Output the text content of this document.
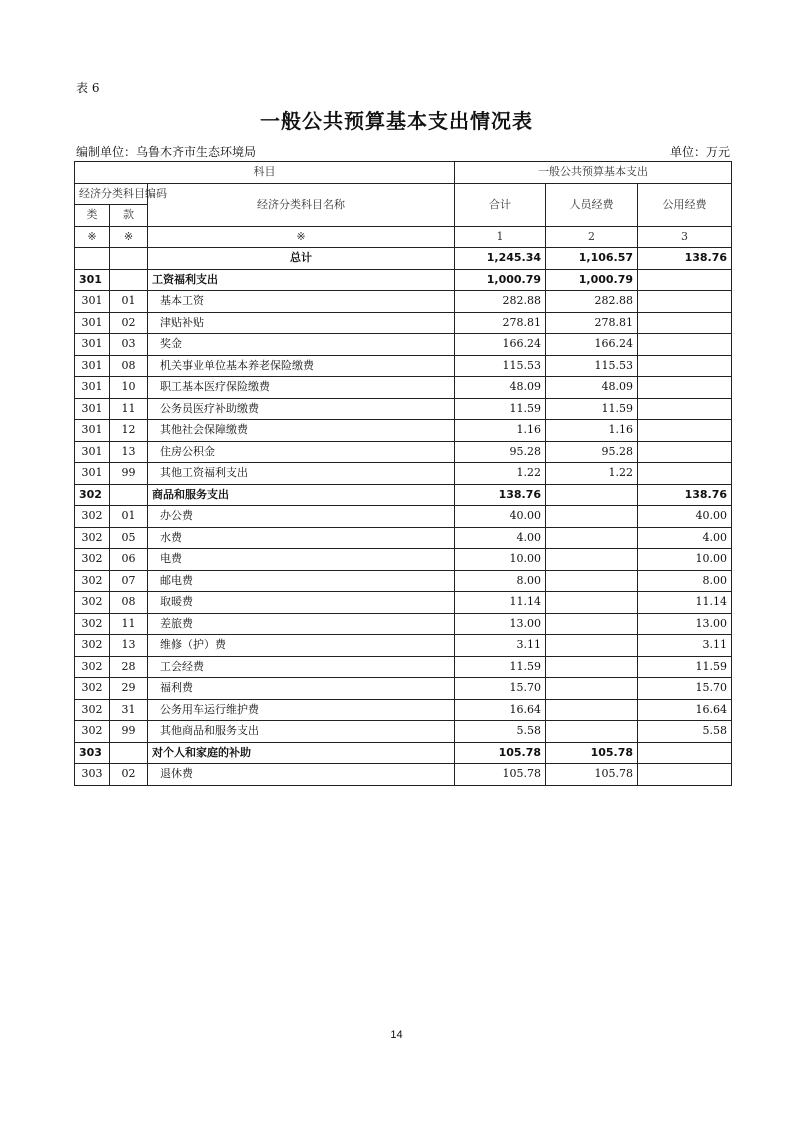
表 6
一般公共预算基本支出情况表
编制单位：乌鲁木齐市生态环境局	单位：万元
科目			一般公共预算基本支出		
经济分类科目编码		经济分类科目名称	合计	人员经费	公用经费
类	款				
※	※	※	1	2	3
		总计	1,245.34	1,106.57	138.76
301		工资福利支出	1,000.79	1,000.79	
301	01	基本工资	282.88	282.88	
301	02	津贴补贴	278.81	278.81	
301	03	奖金	166.24	166.24	
301	08	机关事业单位基本养老保险缴费	115.53	115.53	
301	10	职工基本医疗保险缴费	48.09	48.09	
301	11	公务员医疗补助缴费	11.59	11.59	
301	12	其他社会保障缴费	1.16	1.16	
301	13	住房公积金	95.28	95.28	
301	99	其他工资福利支出	1.22	1.22	
302		商品和服务支出	138.76		138.76
302	01	办公费	40.00		40.00
302	05	水费	4.00		4.00
302	06	电费	10.00		10.00
302	07	邮电费	8.00		8.00
302	08	取暖费	11.14		11.14
302	11	差旅费	13.00		13.00
302	13	维修（护）费	3.11		3.11
302	28	工会经费	11.59		11.59
302	29	福利费	15.70		15.70
302	31	公务用车运行维护费	16.64		16.64
302	99	其他商品和服务支出	5.58		5.58
303		对个人和家庭的补助	105.78	105.78	
303	02	退休费	105.78	105.78	
14
